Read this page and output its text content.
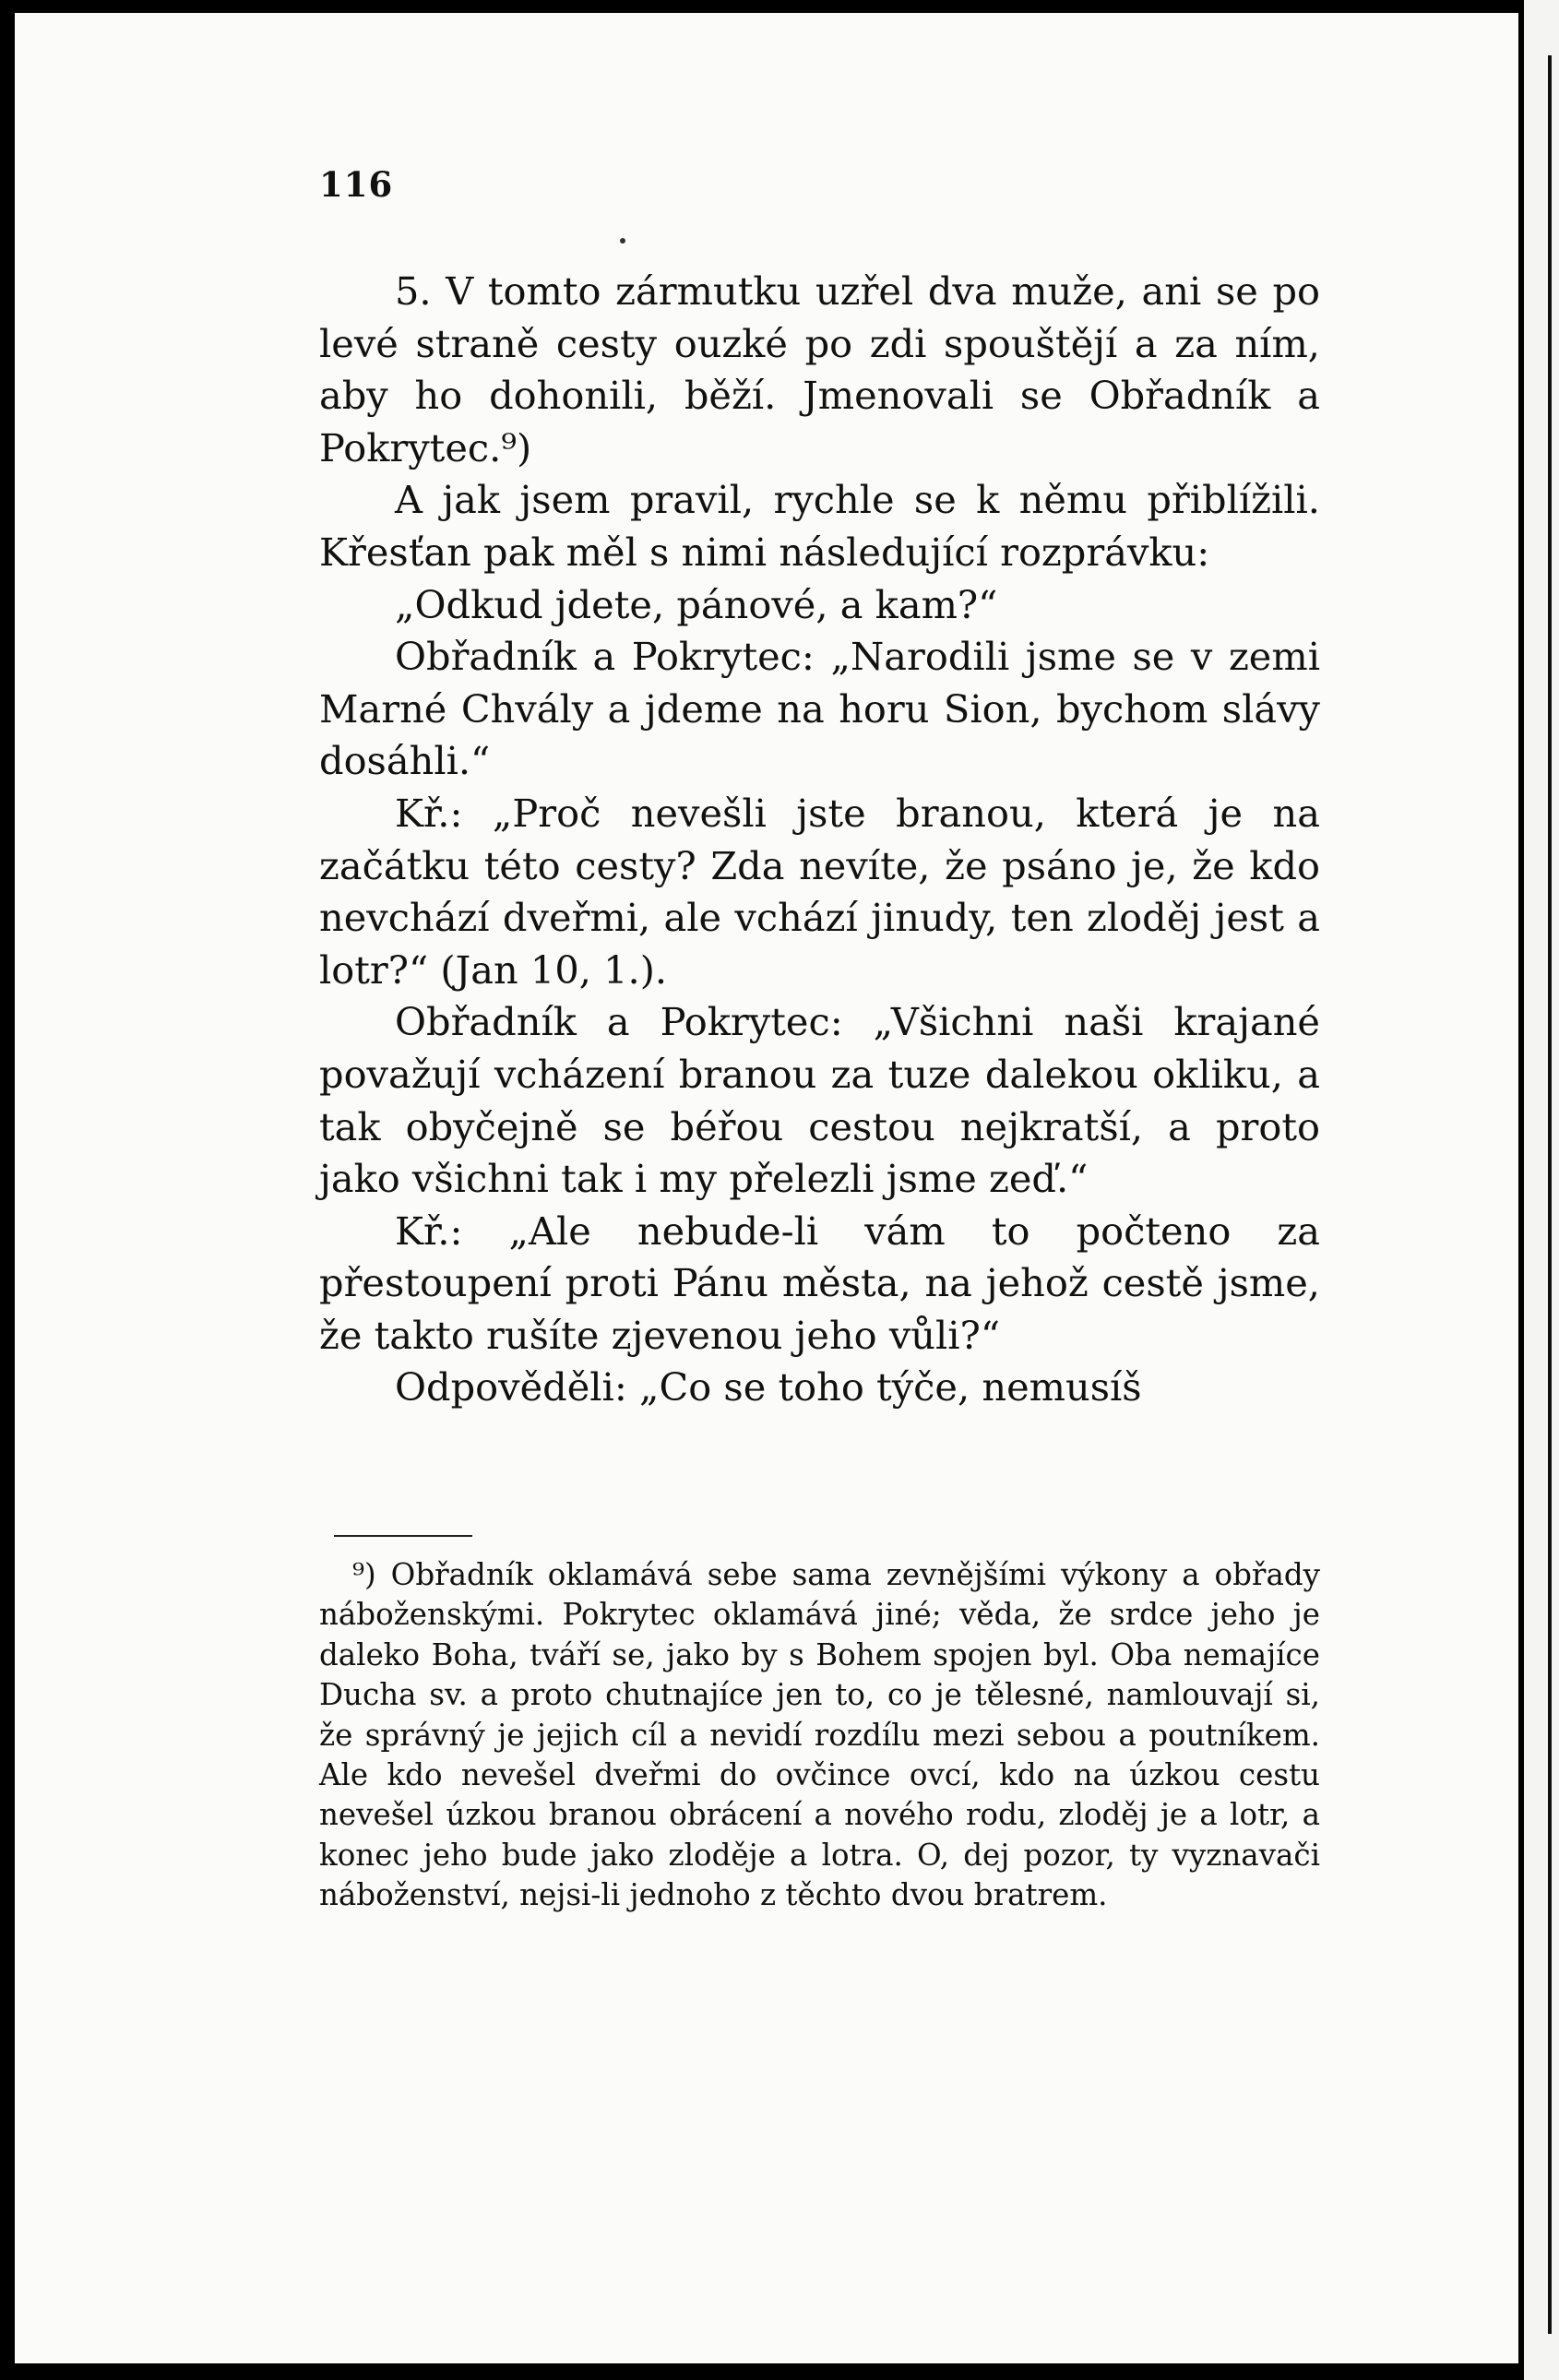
116

5. V tomto zármutku uzřel dva muže, ani se po levé straně cesty ouzké po zdi spouštějí a za ním, aby ho dohonili, běží. Jmenovali se Obřadník a Pokrytec.⁹)

A jak jsem pravil, rychle se k němu přiblížili. Křesťan pak měl s nimi následující rozprávku:

„Odkud jdete, pánové, a kam?“

Obřadník a Pokrytec: „Narodili jsme se v zemi Marné Chvály a jdeme na horu Sion, bychom slávy dosáhli.“

Kř.: „Proč nevešli jste branou, která je na začátku této cesty? Zda nevíte, že psáno je, že kdo nevchází dveřmi, ale vchází jinudy, ten zloděj jest a lotr?“ (Jan 10, 1.).

Obřadník a Pokrytec: „Všichni naši krajané považují vcházení branou za tuze dalekou okliku, a tak obyčejně se béřou cestou nejkratší, a proto jako všichni tak i my přelezli jsme zeď.“

Kř.: „Ale nebude-li vám to počteno za přestoupení proti Pánu města, na jehož cestě jsme, že takto rušíte zjevenou jeho vůli?“

Odpověděli: „Co se toho týče, nemusíš

⁹) Obřadník oklamává sebe sama zevnějšími výkony a obřady náboženskými. Pokrytec oklamává jiné; věda, že srdce jeho je daleko Boha, tváří se, jako by s Bohem spojen byl. Oba nemajíce Ducha sv. a proto chutnajíce jen to, co je tělesné, namlouvají si, že správný je jejich cíl a nevidí rozdílu mezi sebou a poutníkem. Ale kdo nevešel dveřmi do ovčince ovcí, kdo na úzkou cestu nevešel úzkou branou obrácení a nového rodu, zloděj je a lotr, a konec jeho bude jako zloděje a lotra. O, dej pozor, ty vyznavači náboženství, nejsi-li jednoho z těchto dvou bratrem.
